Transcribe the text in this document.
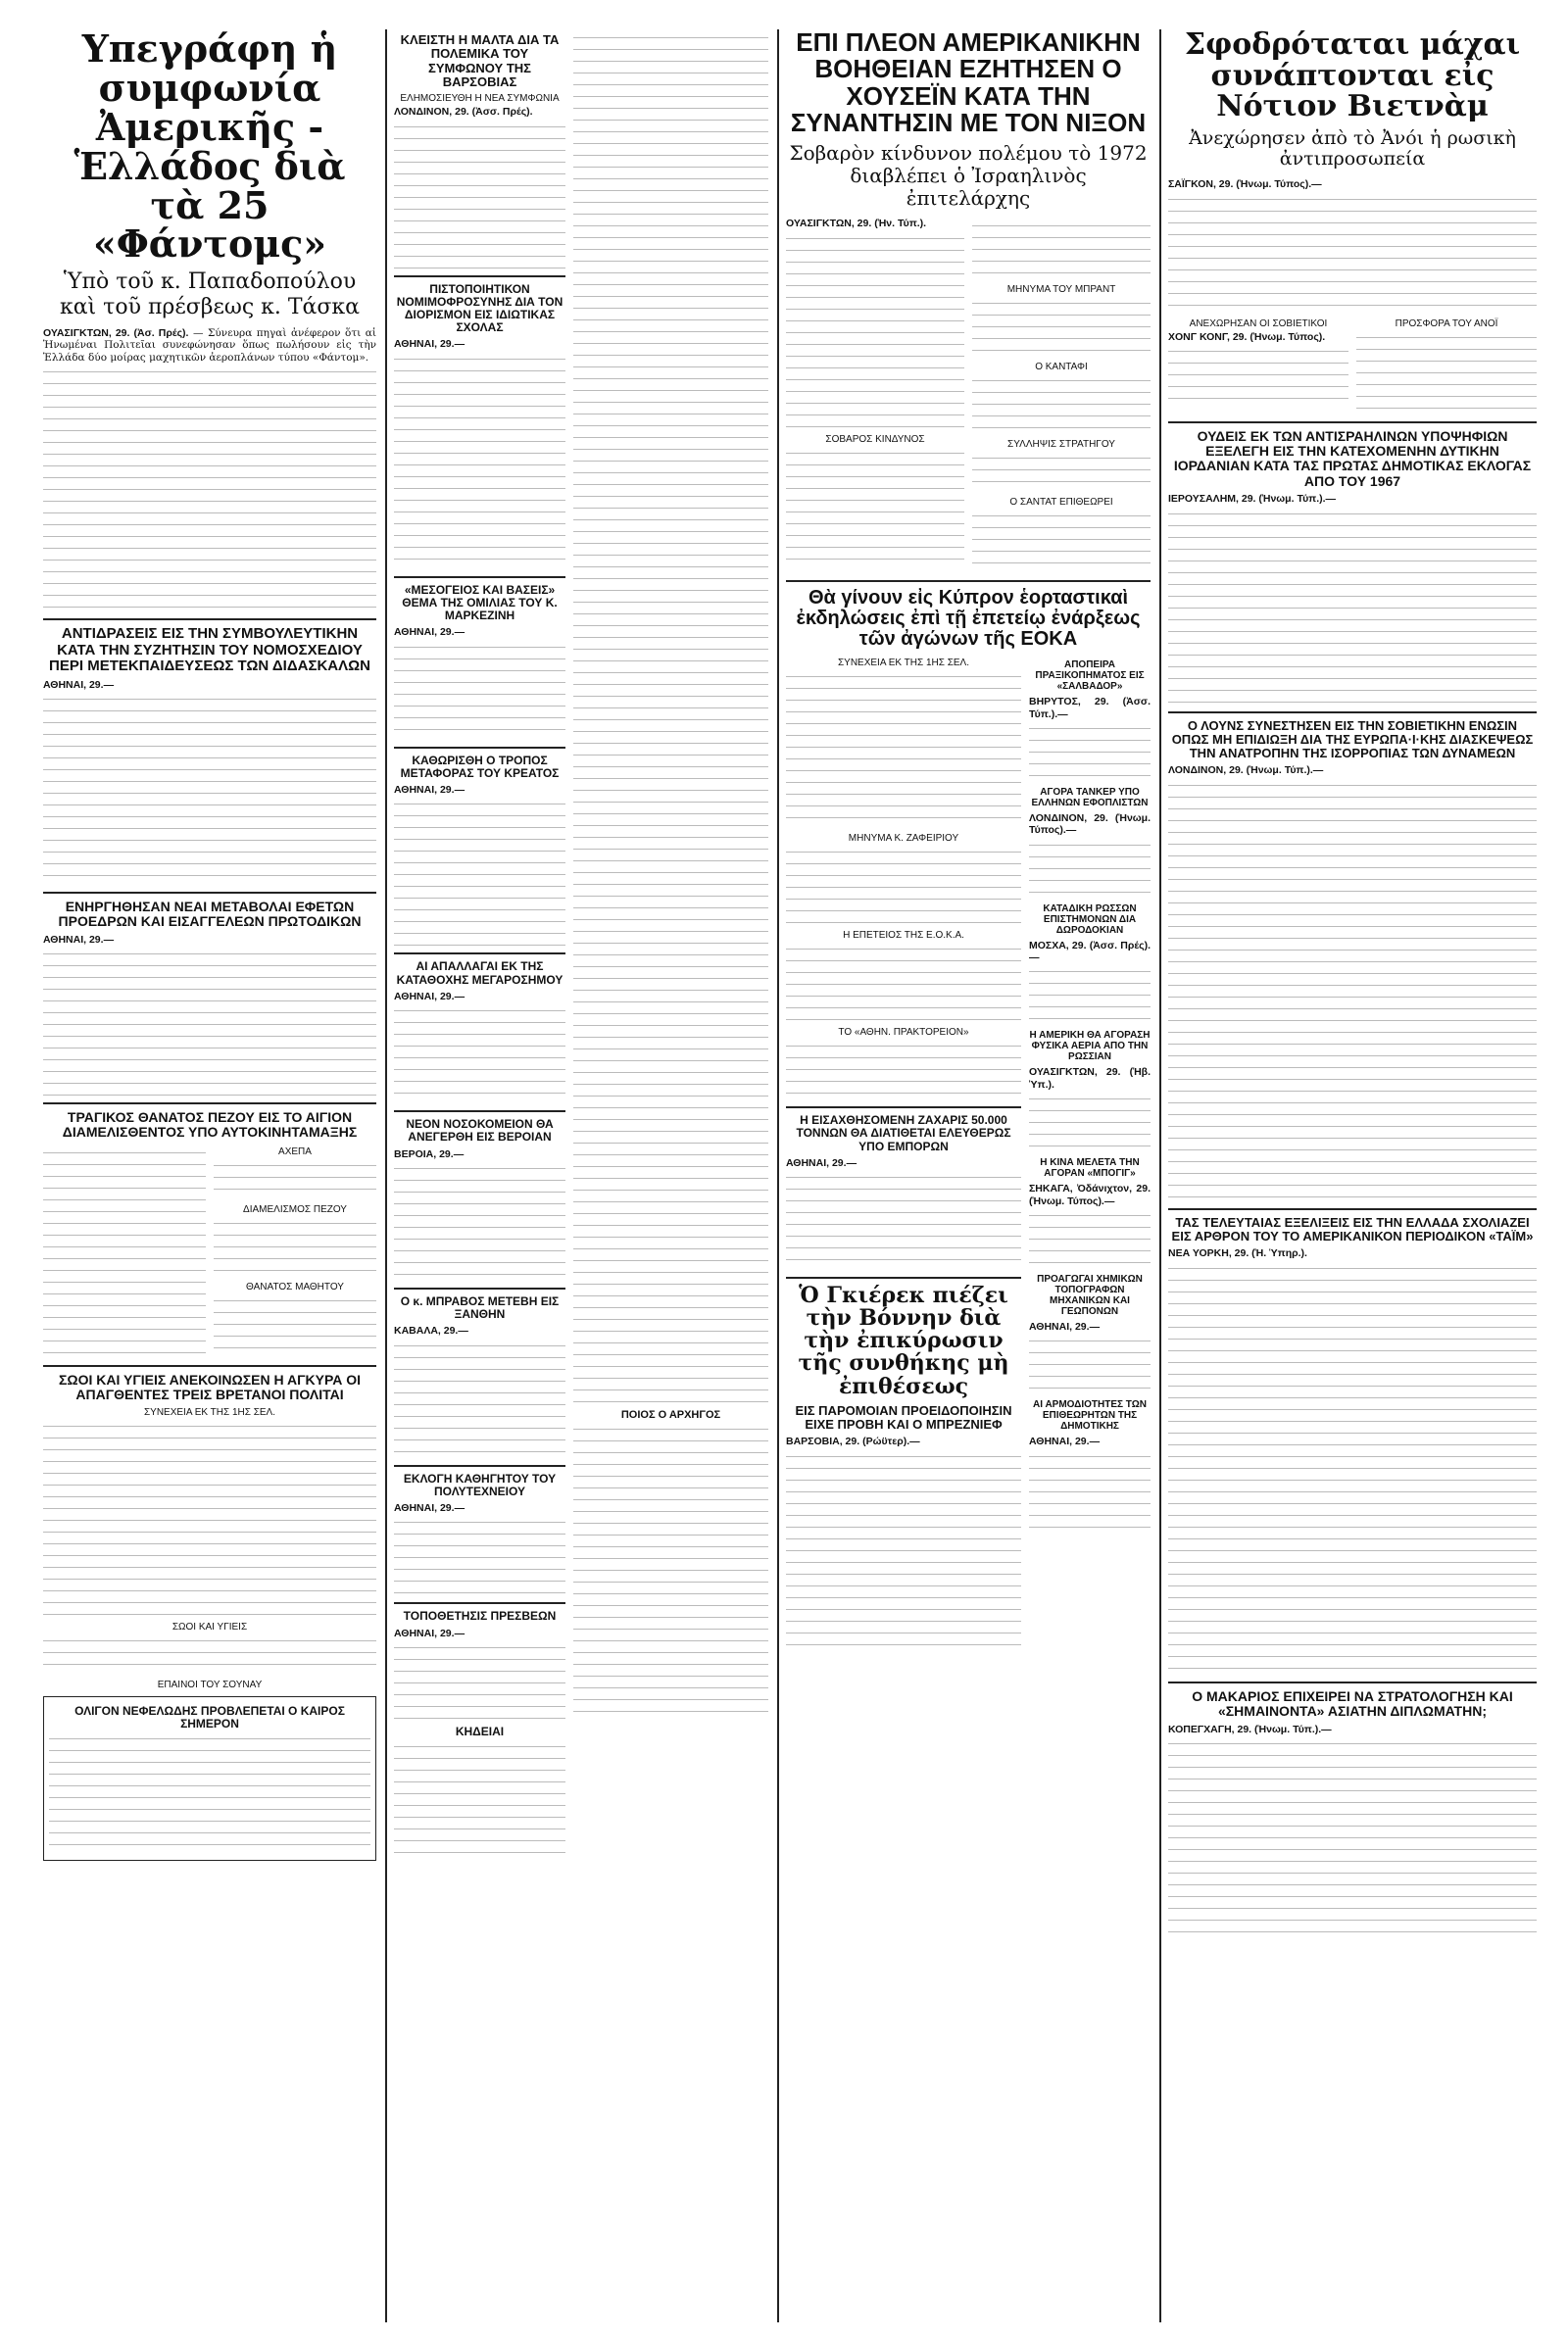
Υπεγράφη ἡ συμφωνία Ἀμερικῆς - Ἑλλάδος διὰ τὰ 25 «Φάντομς»
Ὑπὸ τοῦ κ. Παπαδοπούλου καὶ τοῦ πρέσβεως κ. Τάσκα

ΟΥΑΣΙΓΚΤΩΝ, 29. (Ἀσ. Πρές). — Σύνευρα πηγαὶ ἀνέφερον ὅτι αἱ Ἡνωμέναι Πολιτεῖαι συνεφώνησαν ὅπως πωλήσουν εἰς τὴν Ἑλλάδα δύο μοίρας μαχητικῶν ἀεροπλάνων τύπου «Φάντομ».

ΑΝΤΙΔΡΑΣΕΙΣ ΕΙΣ ΤΗΝ ΣΥΜΒΟΥΛΕΥΤΙΚΗΝ ΚΑΤΑ ΤΗΝ ΣΥΖΗΤΗΣΙΝ ΤΟΥ ΝΟΜΟΣΧΕΔΙΟΥ ΠΕΡΙ ΜΕΤΕΚΠΑΙΔΕΥΣΕΩΣ ΤΩΝ ΔΙΔΑΣΚΑΛΩΝ

ΑΘΗΝΑΙ, 29.—

ΕΝΗΡΓΗΘΗΣΑΝ ΝΕΑΙ ΜΕΤΑΒΟΛΑΙ ΕΦΕΤΩΝ ΠΡΟΕΔΡΩΝ ΚΑΙ ΕΙΣΑΓΓΕΛΕΩΝ ΠΡΩΤΟΔΙΚΩΝ

ΑΘΗΝΑΙ, 29.—

ΤΡΑΓΙΚΟΣ ΘΑΝΑΤΟΣ ΠΕΖΟΥ ΕΙΣ ΤΟ ΑΙΓΙΟΝ ΔΙΑΜΕΛΙΣΘΕΝΤΟΣ ΥΠΟ ΑΥΤΟΚΙΝΗΤΑΜΑΞΗΣ
ΑΧΕΠΑ
ΔΙΑΜΕΛΙΣΜΟΣ ΠΕΖΟΥ
ΘΑΝΑΤΟΣ ΜΑΘΗΤΟΥ
ΣΩΟΙ ΚΑΙ ΥΓΙΕΙΣ ΑΝΕΚΟΙΝΩΣΕΝ Η ΑΓΚΥΡΑ ΟΙ ΑΠΑΓΘΕΝΤΕΣ ΤΡΕΙΣ ΒΡΕΤΑΝΟΙ ΠΟΛΙΤΑΙ
ΣΥΝΕΧΕΙΑ ΕΚ ΤΗΣ 1ΗΣ ΣΕΛ.
ΣΩΟΙ ΚΑΙ ΥΓΙΕΙΣ
ΕΠΑΙΝΟΙ ΤΟΥ ΣΟΥΝΑΥ
ΟΛΙΓΟΝ ΝΕΦΕΛΩΔΗΣ ΠΡΟΒΛΕΠΕΤΑΙ Ο ΚΑΙΡΟΣ ΣΗΜΕΡΟΝ
ΚΛΕΙΣΤΗ Η ΜΑΛΤΑ ΔΙΑ ΤΑ ΠΟΛΕΜΙΚΑ ΤΟΥ ΣΥΜΦΩΝΟΥ ΤΗΣ ΒΑΡΣΟΒΙΑΣ
ΕΛΗΜΟΣΙΕΥΘΗ Η ΝΕΑ ΣΥΜΦΩΝΙΑ

ΛΟΝΔΙΝΟΝ, 29. (Ἀσσ. Πρές).

ΠΙΣΤΟΠΟΙΗΤΙΚΟΝ ΝΟΜΙΜΟΦΡΟΣΥΝΗΣ ΔΙΑ ΤΟΝ ΔΙΟΡΙΣΜΟΝ ΕΙΣ ΙΔΙΩΤΙΚΑΣ ΣΧΟΛΑΣ

ΑΘΗΝΑΙ, 29.—

«ΜΕΣΟΓΕΙΟΣ ΚΑΙ ΒΑΣΕΙΣ» ΘΕΜΑ ΤΗΣ ΟΜΙΛΙΑΣ ΤΟΥ Κ. ΜΑΡΚΕΖΙΝΗ

ΑΘΗΝΑΙ, 29.—

ΚΑΘΩΡΙΣΘΗ Ο ΤΡΟΠΟΣ ΜΕΤΑΦΟΡΑΣ ΤΟΥ ΚΡΕΑΤΟΣ

ΑΘΗΝΑΙ, 29.—

ΑΙ ΑΠΑΛΛΑΓΑΙ ΕΚ ΤΗΣ ΚΑΤΑΘΟΧΗΣ ΜΕΓΑΡΟΣΗΜΟΥ

ΑΘΗΝΑΙ, 29.—

ΝΕΟΝ ΝΟΣΟΚΟΜΕΙΟΝ ΘΑ ΑΝΕΓΕΡΘΗ ΕΙΣ ΒΕΡΟΙΑΝ

ΒΕΡΟΙΑ, 29.—

Ο κ. ΜΠΡΑΒΟΣ ΜΕΤΕΒΗ ΕΙΣ ΞΑΝΘΗΝ

ΚΑΒΑΛΑ, 29.—

ΕΚΛΟΓΗ ΚΑΘΗΓΗΤΟΥ ΤΟΥ ΠΟΛΥΤΕΧΝΕΙΟΥ

ΑΘΗΝΑΙ, 29.—

ΤΟΠΟΘΕΤΗΣΙΣ ΠΡΕΣΒΕΩΝ

ΑΘΗΝΑΙ, 29.—

ΚΗΔΕΙΑΙ
ΠΟΙΟΣ Ο ΑΡΧΗΓΟΣ
ΕΠΙ ΠΛΕΟΝ ΑΜΕΡΙΚΑΝΙΚΗΝ ΒΟΗΘΕΙΑΝ ΕΖΗΤΗΣΕΝ Ο ΧΟΥΣΕΪΝ ΚΑΤΑ ΤΗΝ ΣΥΝΑΝΤΗΣΙΝ ΜΕ ΤΟΝ ΝΙΞΟΝ
Σοβαρὸν κίνδυνον πολέμου τὸ 1972 διαβλέπει ὁ Ἰσραηλινὸς ἐπιτελάρχης

ΟΥΑΣΙΓΚΤΩΝ, 29. (Ἡν. Τύπ.).

ΣΟΒΑΡΟΣ ΚΙΝΔΥΝΟΣ
ΜΗΝΥΜΑ ΤΟΥ ΜΠΡΑΝΤ
Ο ΚΑΝΤΑΦΙ
ΣΥΛΛΗΨΙΣ ΣΤΡΑΤΗΓΟΥ
Ο ΣΑΝΤΑΤ ΕΠΙΘΕΩΡΕΙ
Θὰ γίνουν εἰς Κύπρον ἑορταστικαὶ ἐκδηλώσεις ἐπὶ τῇ ἐπετείῳ ἐνάρξεως τῶν ἀγώνων τῆς ΕΟΚΑ
ΣΥΝΕΧΕΙΑ ΕΚ ΤΗΣ 1ΗΣ ΣΕΛ.
ΜΗΝΥΜΑ Κ. ΖΑΦΕΙΡΙΟΥ
Η ΕΠΕΤΕΙΟΣ ΤΗΣ Ε.Ο.Κ.Α.
ΤΟ «ΑΘΗΝ. ΠΡΑΚΤΟΡΕΙΟΝ»
Η ΕΙΣΑΧΘΗΣΟΜΕΝΗ ΖΑΧΑΡΙΣ 50.000 ΤΟΝΝΩΝ ΘΑ ΔΙΑΤΙΘΕΤΑΙ ΕΛΕΥΘΕΡΩΣ ΥΠΟ ΕΜΠΟΡΩΝ

ΑΘΗΝΑΙ, 29.—

Ὁ Γκιέρεκ πιέζει τὴν Βόννην διὰ τὴν ἐπικύρωσιν τῆς συνθήκης μὴ ἐπιθέσεως
ΕΙΣ ΠΑΡΟΜΟΙΑΝ ΠΡΟΕΙΔΟΠΟΙΗΣΙΝ ΕΙΧΕ ΠΡΟΒΗ ΚΑΙ Ο ΜΠΡΕΖΝΙΕΦ

ΒΑΡΣΟΒΙΑ, 29. (Ρώϋτερ).—

ΑΠΟΠΕΙΡΑ ΠΡΑΞΙΚΟΠΗΜΑΤΟΣ ΕΙΣ «ΣΑΛΒΑΔΟΡ»

ΒΗΡΥΤΟΣ, 29. (Ἀσσ. Τύπ.).—

ΑΓΟΡΑ ΤΑΝΚΕΡ ΥΠΟ ΕΛΛΗΝΩΝ ΕΦΟΠΛΙΣΤΩΝ

ΛΟΝΔΙΝΟΝ, 29. (Ἡνωμ. Τύπος).—

ΚΑΤΑΔΙΚΗ ΡΩΣΣΩΝ ΕΠΙΣΤΗΜΟΝΩΝ ΔΙΑ ΔΩΡΟΔΟΚΙΑΝ

ΜΟΣΧΑ, 29. (Ἀσσ. Πρές).—

Η ΑΜΕΡΙΚΗ ΘΑ ΑΓΟΡΑΣΗ ΦΥΣΙΚΑ ΑΕΡΙΑ ΑΠΟ ΤΗΝ ΡΩΣΣΙΑΝ

ΟΥΑΣΙΓΚΤΩΝ, 29. (Ἡβ. Ὑπ.).

Η ΚΙΝΑ ΜΕΛΕΤΑ ΤΗΝ ΑΓΟΡΑΝ «ΜΠΟΓΙΓ»

ΣΗΚΑΓΑ, Ὀδάνιχτον, 29. (Ἡνωμ. Τύπος).—

ΠΡΟΑΓΩΓΑΙ ΧΗΜΙΚΩΝ ΤΟΠΟΓΡΑΦΩΝ ΜΗΧΑΝΙΚΩΝ ΚΑΙ ΓΕΩΠΟΝΩΝ

ΑΘΗΝΑΙ, 29.—

ΑΙ ΑΡΜΟΔΙΟΤΗΤΕΣ ΤΩΝ ΕΠΙΘΕΩΡΗΤΩΝ ΤΗΣ ΔΗΜΟΤΙΚΗΣ

ΑΘΗΝΑΙ, 29.—

Σφοδρόταται μάχαι συνάπτονται εἰς Νότιον Βιετνὰμ
Ἀνεχώρησεν ἀπὸ τὸ Ἀνόι ἡ ρωσικὴ ἀντιπροσωπεία

ΣΑΪΓΚΟΝ, 29. (Ἡνωμ. Τύπος).—

ΑΝΕΧΩΡΗΣΑΝ ΟΙ ΣΟΒΙΕΤΙΚΟΙ

ΧΟΝΓ ΚΟΝΓ, 29. (Ἡνωμ. Τύπος).

ΠΡΟΣΦΟΡΑ ΤΟΥ ΑΝΟΪ
ΟΥΔΕΙΣ ΕΚ ΤΩΝ ΑΝΤΙΣΡΑΗΛΙΝΩΝ ΥΠΟΨΗΦΙΩΝ ΕΞΕΛΕΓΗ ΕΙΣ ΤΗΝ ΚΑΤΕΧΟΜΕΝΗΝ ΔΥΤΙΚΗΝ ΙΟΡΔΑΝΙΑΝ ΚΑΤΑ ΤΑΣ ΠΡΩΤΑΣ ΔΗΜΟΤΙΚΑΣ ΕΚΛΟΓΑΣ ΑΠΟ ΤΟΥ 1967

ΙΕΡΟΥΣΑΛΗΜ, 29. (Ἡνωμ. Τύπ.).—

Ο ΛΟΥΝΣ ΣΥΝΕΣΤΗΣΕΝ ΕΙΣ ΤΗΝ ΣΟΒΙΕΤΙΚΗΝ ΕΝΩΣΙΝ ΟΠΩΣ ΜΗ ΕΠΙΔΙΩΞΗ ΔΙΑ ΤΗΣ ΕΥΡΩΠΑ·Ι·ΚΗΣ ΔΙΑΣΚΕΨΕΩΣ ΤΗΝ ΑΝΑΤΡΟΠΗΝ ΤΗΣ ΙΣΟΡΡΟΠΙΑΣ ΤΩΝ ΔΥΝΑΜΕΩΝ

ΛΟΝΔΙΝΟΝ, 29. (Ἡνωμ. Τύπ.).—

ΤΑΣ ΤΕΛΕΥΤΑΙΑΣ ΕΞΕΛΙΞΕΙΣ ΕΙΣ ΤΗΝ ΕΛΛΑΔΑ ΣΧΟΛΙΑΖΕΙ ΕΙΣ ΑΡΘΡΟΝ ΤΟΥ ΤΟ ΑΜΕΡΙΚΑΝΙΚΟΝ ΠΕΡΙΟΔΙΚΟΝ «ΤΑΪΜ»

ΝΕΑ ΥΟΡΚΗ, 29. (Ἡ. Ὑπηρ.).

Ο ΜΑΚΑΡΙΟΣ ΕΠΙΧΕΙΡΕΙ ΝΑ ΣΤΡΑΤΟΛΟΓΗΣΗ ΚΑΙ «ΣΗΜΑΙΝΟΝΤΑ» ΑΣΙΑΤΗΝ ΔΙΠΛΩΜΑΤΗΝ;

ΚΟΠΕΓΧΑΓΗ, 29. (Ἡνωμ. Τύπ.).—
